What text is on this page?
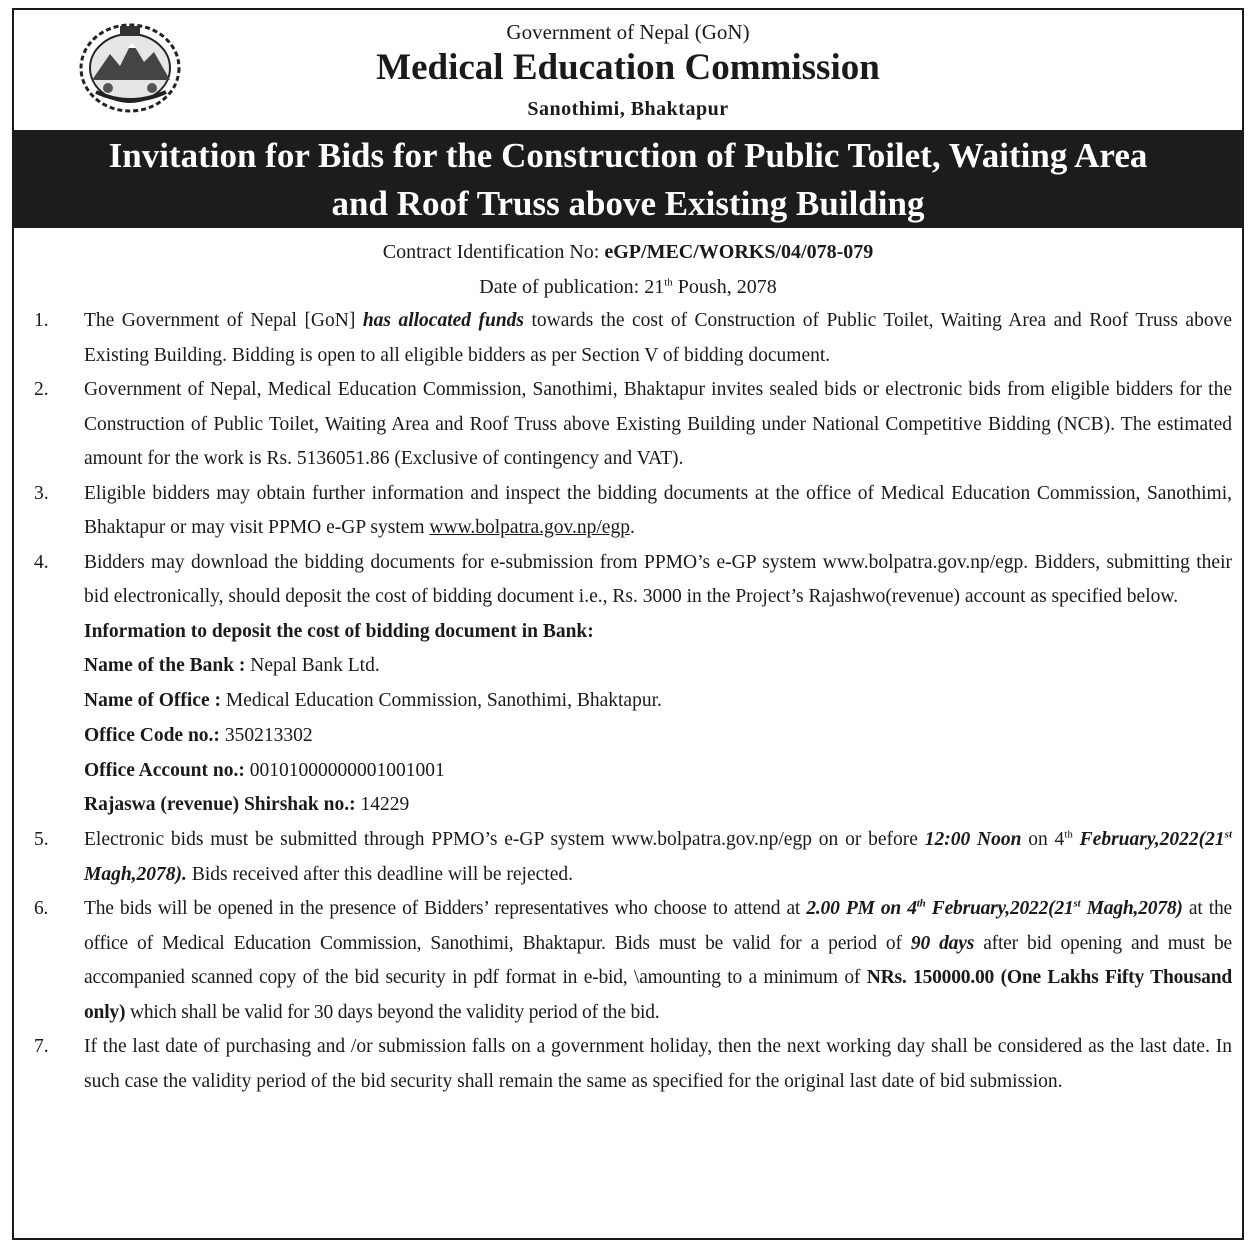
Government of Nepal (GoN)
Medical Education Commission
Sanothimi, Bhaktapur
Invitation for Bids for the Construction of Public Toilet, Waiting Area
and Roof Truss above Existing Building
Contract Identification No: eGP/MEC/WORKS/04/078-079
Date of publication: 21th Poush, 2078
1. The Government of Nepal [GoN] has allocated funds towards the cost of Construction of Public Toilet, Waiting Area and Roof Truss above Existing Building. Bidding is open to all eligible bidders as per Section V of bidding document.
2. Government of Nepal, Medical Education Commission, Sanothimi, Bhaktapur invites sealed bids or electronic bids from eligible bidders for the Construction of Public Toilet, Waiting Area and Roof Truss above Existing Building under National Competitive Bidding (NCB). The estimated amount for the work is Rs. 5136051.86 (Exclusive of contingency and VAT).
3. Eligible bidders may obtain further information and inspect the bidding documents at the office of Medical Education Commission, Sanothimi, Bhaktapur or may visit PPMO e-GP system www.bolpatra.gov.np/egp.
4. Bidders may download the bidding documents for e-submission from PPMO’s e-GP system www.bolpatra.gov.np/egp. Bidders, submitting their bid electronically, should deposit the cost of bidding document i.e., Rs. 3000 in the Project’s Rajashwo(revenue) account as specified below.
Information to deposit the cost of bidding document in Bank:
Name of the Bank : Nepal Bank Ltd.
Name of Office : Medical Education Commission, Sanothimi, Bhaktapur.
Office Code no.: 350213302
Office Account no.: 00101000000001001001
Rajaswa (revenue) Shirshak no.: 14229
5. Electronic bids must be submitted through PPMO’s e-GP system www.bolpatra.gov.np/egp on or before 12:00 Noon on 4th February,2022(21st Magh,2078). Bids received after this deadline will be rejected.
6. The bids will be opened in the presence of Bidders’ representatives who choose to attend at 2.00 PM on 4th February,2022(21st Magh,2078) at the office of Medical Education Commission, Sanothimi, Bhaktapur. Bids must be valid for a period of 90 days after bid opening and must be accompanied scanned copy of the bid security in pdf format in e-bid, \amounting to a minimum of NRs. 150000.00 (One Lakhs Fifty Thousand only) which shall be valid for 30 days beyond the validity period of the bid.
7. If the last date of purchasing and /or submission falls on a government holiday, then the next working day shall be considered as the last date. In such case the validity period of the bid security shall remain the same as specified for the original last date of bid submission.
